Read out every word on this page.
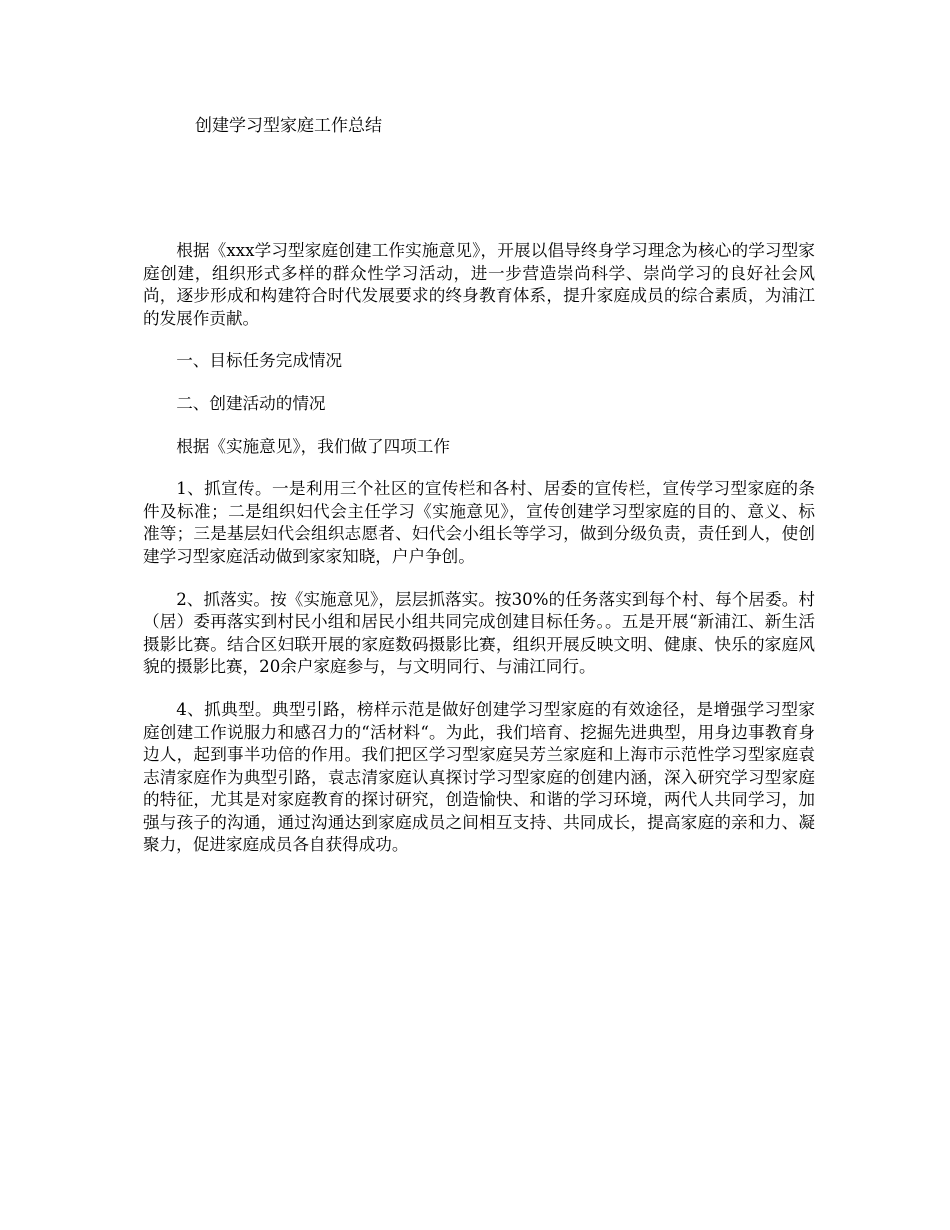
创建学习型家庭工作总结

根据《xxx学习型家庭创建工作实施意见》，开展以倡导终身学习理念为核心的学习型家庭创建，组织形式多样的群众性学习活动，进一步营造崇尚科学、崇尚学习的良好社会风尚，逐步形成和构建符合时代发展要求的终身教育体系，提升家庭成员的综合素质，为浦江的发展作贡献。

一、目标任务完成情况

二、创建活动的情况

根据《实施意见》，我们做了四项工作

1、抓宣传。一是利用三个社区的宣传栏和各村、居委的宣传栏，宣传学习型家庭的条件及标准；二是组织妇代会主任学习《实施意见》，宣传创建学习型家庭的目的、意义、标准等；三是基层妇代会组织志愿者、妇代会小组长等学习，做到分级负责，责任到人，使创建学习型家庭活动做到家家知晓，户户争创。

2、抓落实。按《实施意见》，层层抓落实。按30%的任务落实到每个村、每个居委。村（居）委再落实到村民小组和居民小组共同完成创建目标任务。。五是开展“新浦江、新生活摄影比赛。结合区妇联开展的家庭数码摄影比赛，组织开展反映文明、健康、快乐的家庭风貌的摄影比赛，20余户家庭参与，与文明同行、与浦江同行。

4、抓典型。典型引路，榜样示范是做好创建学习型家庭的有效途径，是增强学习型家庭创建工作说服力和感召力的“活材料“。为此，我们培育、挖掘先进典型，用身边事教育身边人，起到事半功倍的作用。我们把区学习型家庭吴芳兰家庭和上海市示范性学习型家庭袁志清家庭作为典型引路，袁志清家庭认真探讨学习型家庭的创建内涵，深入研究学习型家庭的特征，尤其是对家庭教育的探讨研究，创造愉快、和谐的学习环境，两代人共同学习，加强与孩子的沟通，通过沟通达到家庭成员之间相互支持、共同成长，提高家庭的亲和力、凝聚力，促进家庭成员各自获得成功。
